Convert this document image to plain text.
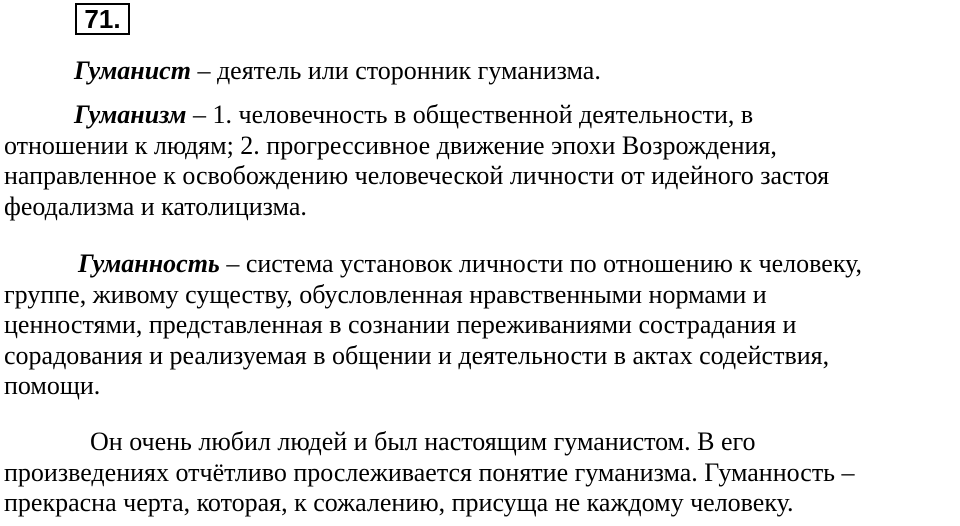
71.

Гуманист – деятель или сторонник гуманизма.

Гуманизм – 1. человечность в общественной деятельности, в
отношении к людям; 2. прогрессивное движение эпохи Возрождения,
направленное к освобождению человеческой личности от идейного застоя
феодализма и католицизма.

Гуманность – система установок личности по отношению к человеку,
группе, живому существу, обусловленная нравственными нормами и
ценностями, представленная в сознании переживаниями сострадания и
сорадования и реализуемая в общении и деятельности в актах содействия,
помощи.

Он очень любил людей и был настоящим гуманистом. В его
произведениях отчётливо прослеживается понятие гуманизма. Гуманность –
прекрасна черта, которая, к сожалению, присуща не каждому человеку.
